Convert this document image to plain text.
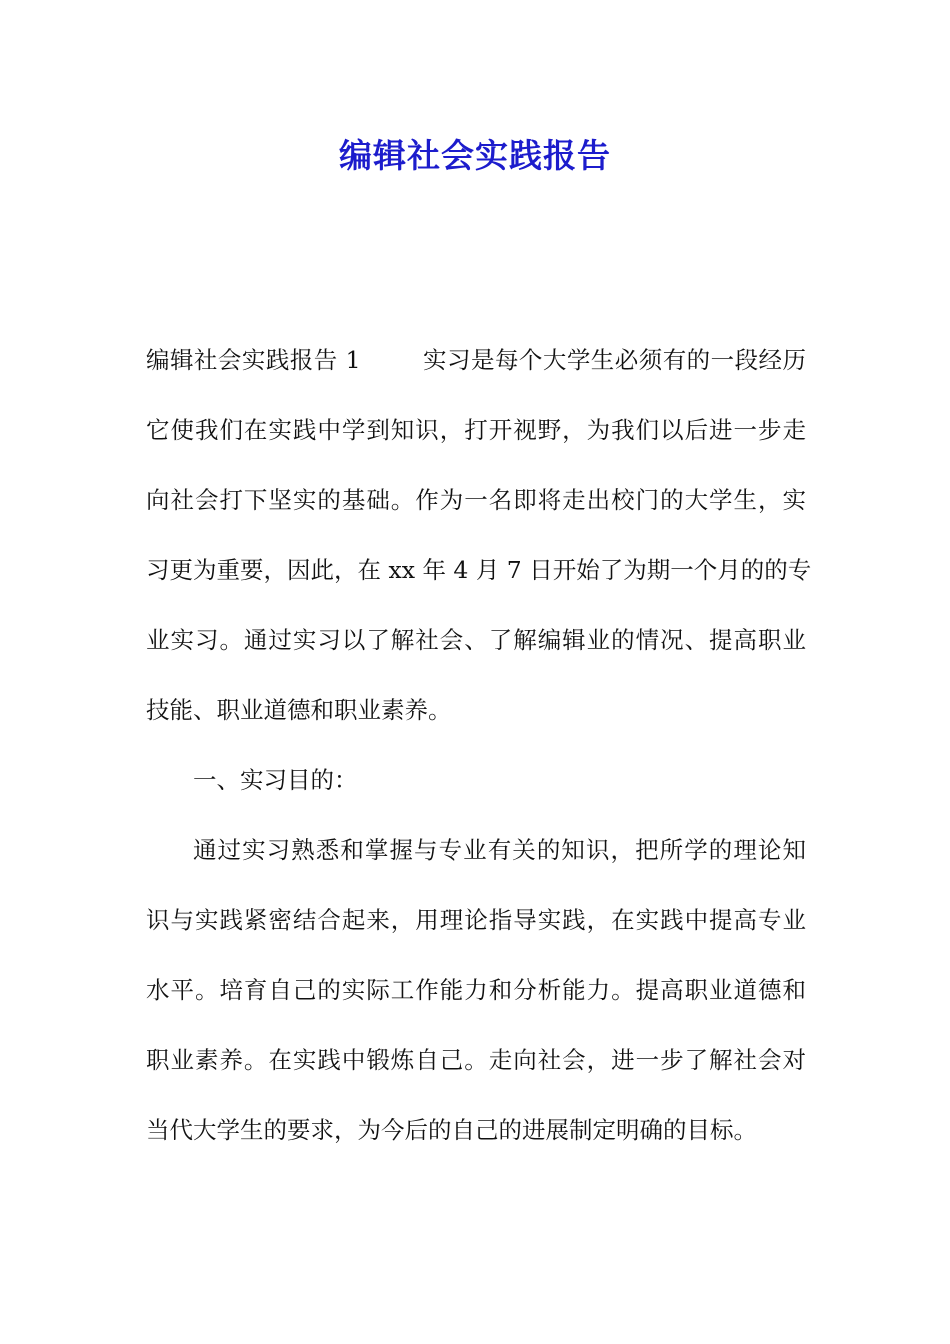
编辑社会实践报告

编辑社会实践报告 1	实习是每个大学生必须有的一段经历

它使我们在实践中学到知识，打开视野，为我们以后进一步走

向社会打下坚实的基础。作为一名即将走出校门的大学生，实

习更为重要，因此，在 xx 年 4 月 7 日开始了为期一个月的的专

业实习。通过实习以了解社会、了解编辑业的情况、提高职业

技能、职业道德和职业素养。

一、实习目的：

通过实习熟悉和掌握与专业有关的知识，把所学的理论知

识与实践紧密结合起来，用理论指导实践，在实践中提高专业

水平。培育自己的实际工作能力和分析能力。提高职业道德和

职业素养。在实践中锻炼自己。走向社会，进一步了解社会对

当代大学生的要求，为今后的自己的进展制定明确的目标。
